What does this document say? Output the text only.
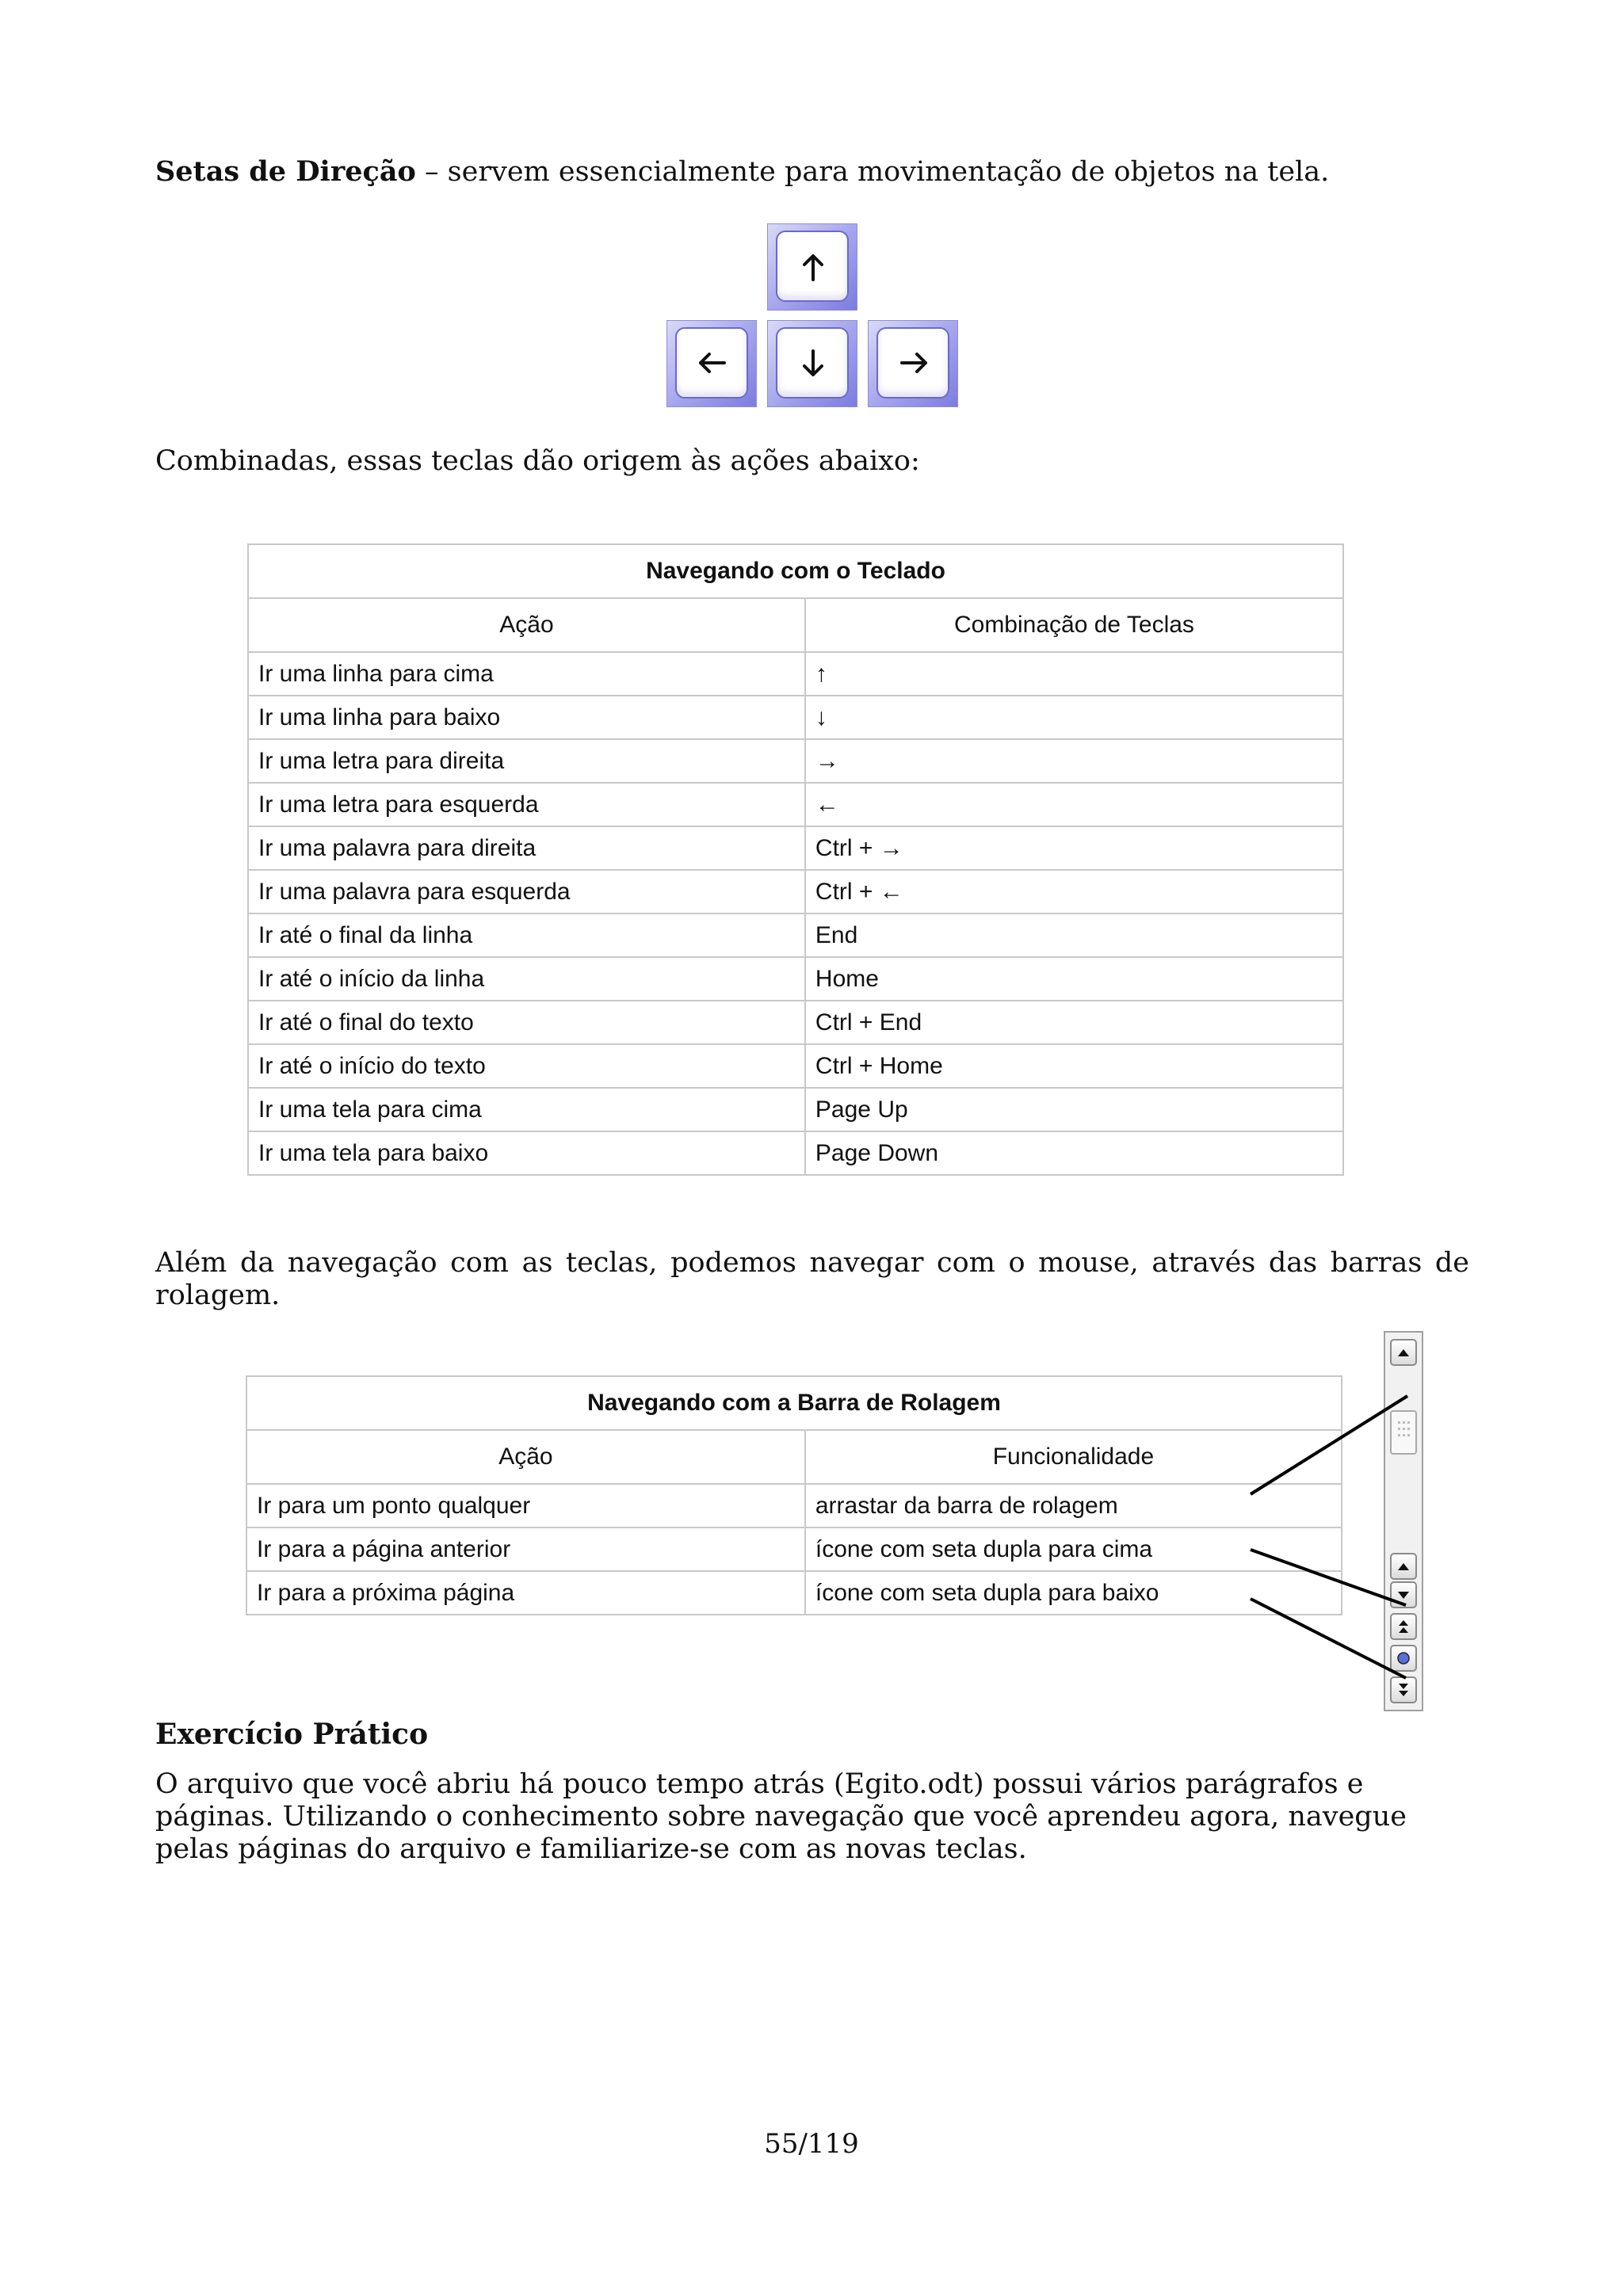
Setas de Direção – servem essencialmente para movimentação de objetos na tela.
Combinadas, essas teclas dão origem às ações abaixo:
Navegando com o Teclado	
Ação	Combinação de Teclas
Ir uma linha para cima	↑
Ir uma linha para baixo	↓
Ir uma letra para direita	→
Ir uma letra para esquerda	←
Ir uma palavra para direita	Ctrl + →
Ir uma palavra para esquerda	Ctrl + ←
Ir até o final da linha	End
Ir até o início da linha	Home
Ir até o final do texto	Ctrl + End
Ir até o início do texto	Ctrl + Home
Ir uma tela para cima	Page Up
Ir uma tela para baixo	Page Down
Além da navegação com as teclas, podemos navegar com o mouse, através das barras de rolagem.
Navegando com a Barra de Rolagem	
Ação	Funcionalidade
Ir para um ponto qualquer	arrastar da barra de rolagem
Ir para a página anterior	ícone com seta dupla para cima
Ir para a próxima página	ícone com seta dupla para baixo
Exercício Prático
O arquivo que você abriu há pouco tempo atrás (Egito.odt) possui vários parágrafos e páginas. Utilizando o conhecimento sobre navegação que você aprendeu agora, navegue pelas páginas do arquivo e familiarize-se com as novas teclas.
55/119
